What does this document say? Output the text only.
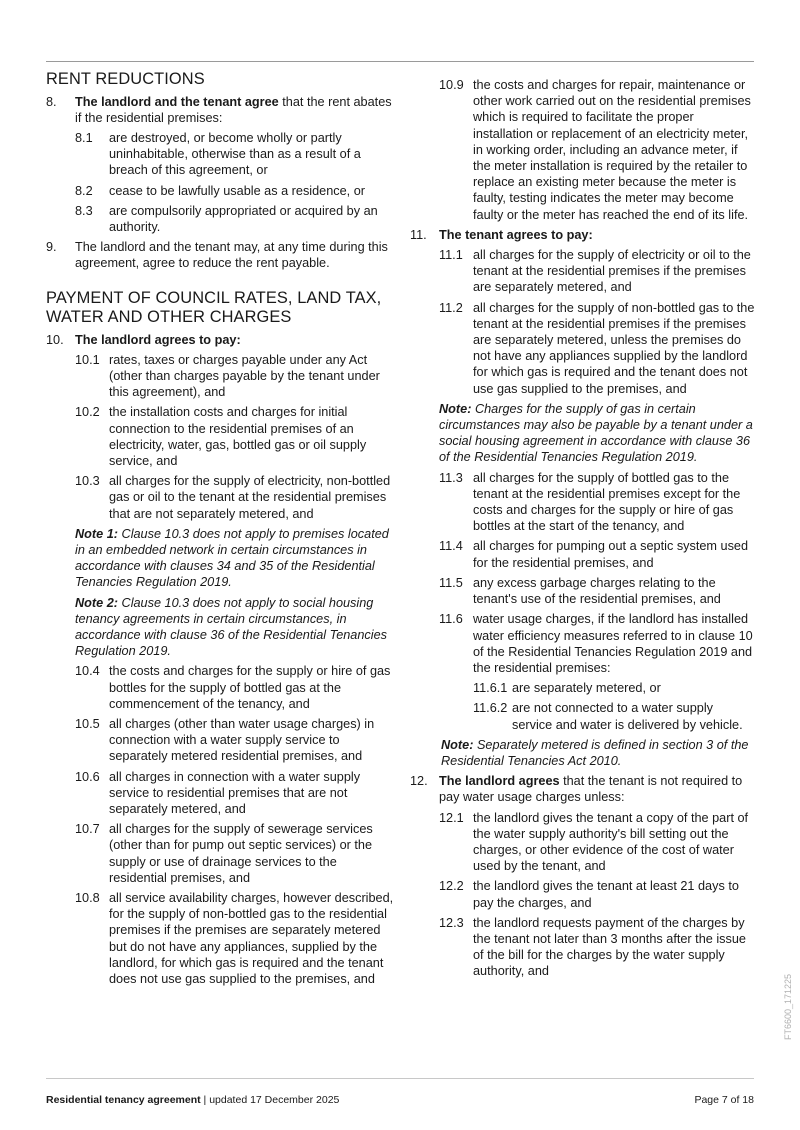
RENT REDUCTIONS
8.	The landlord and the tenant agree that the rent abates if the residential premises:
8.1	are destroyed, or become wholly or partly uninhabitable, otherwise than as a result of a breach of this agreement, or
8.2	cease to be lawfully usable as a residence, or
8.3	are compulsorily appropriated or acquired by an authority.
9.	The landlord and the tenant may, at any time during this agreement, agree to reduce the rent payable.
PAYMENT OF COUNCIL RATES, LAND TAX, WATER AND OTHER CHARGES
10. The landlord agrees to pay:
10.1 rates, taxes or charges payable under any Act (other than charges payable by the tenant under this agreement), and
10.2 the installation costs and charges for initial connection to the residential premises of an electricity, water, gas, bottled gas or oil supply service, and
10.3 all charges for the supply of electricity, non-bottled gas or oil to the tenant at the residential premises that are not separately metered, and
Note 1: Clause 10.3 does not apply to premises located in an embedded network in certain circumstances in accordance with clauses 34 and 35 of the Residential Tenancies Regulation 2019.
Note 2: Clause 10.3 does not apply to social housing tenancy agreements in certain circumstances, in accordance with clause 36 of the Residential Tenancies Regulation 2019.
10.4 the costs and charges for the supply or hire of gas bottles for the supply of bottled gas at the commencement of the tenancy, and
10.5 all charges (other than water usage charges) in connection with a water supply service to separately metered residential premises, and
10.6 all charges in connection with a water supply service to residential premises that are not separately metered, and
10.7 all charges for the supply of sewerage services (other than for pump out septic services) or the supply or use of drainage services to the residential premises, and
10.8 all service availability charges, however described, for the supply of non-bottled gas to the residential premises if the premises are separately metered but do not have any appliances, supplied by the landlord, for which gas is required and the tenant does not use gas supplied to the premises, and
10.9 the costs and charges for repair, maintenance or other work carried out on the residential premises which is required to facilitate the proper installation or replacement of an electricity meter, in working order, including an advance meter, if the meter installation is required by the retailer to replace an existing meter because the meter is faulty, testing indicates the meter may become faulty or the meter has reached the end of its life.
11. The tenant agrees to pay:
11.1 all charges for the supply of electricity or oil to the tenant at the residential premises if the premises are separately metered, and
11.2 all charges for the supply of non-bottled gas to the tenant at the residential premises if the premises are separately metered, unless the premises do not have any appliances supplied by the landlord for which gas is required and the tenant does not use gas supplied to the premises, and
Note: Charges for the supply of gas in certain circumstances may also be payable by a tenant under a social housing agreement in accordance with clause 36 of the Residential Tenancies Regulation 2019.
11.3 all charges for the supply of bottled gas to the tenant at the residential premises except for the costs and charges for the supply or hire of gas bottles at the start of the tenancy, and
11.4 all charges for pumping out a septic system used for the residential premises, and
11.5 any excess garbage charges relating to the tenant's use of the residential premises, and
11.6 water usage charges, if the landlord has installed water efficiency measures referred to in clause 10 of the Residential Tenancies Regulation 2019 and the residential premises:
11.6.1 are separately metered, or
11.6.2 are not connected to a water supply service and water is delivered by vehicle.
Note: Separately metered is defined in section 3 of the Residential Tenancies Act 2010.
12. The landlord agrees that the tenant is not required to pay water usage charges unless:
12.1 the landlord gives the tenant a copy of the part of the water supply authority's bill setting out the charges, or other evidence of the cost of water used by the tenant, and
12.2 the landlord gives the tenant at least 21 days to pay the charges, and
12.3 the landlord requests payment of the charges by the tenant not later than 3 months after the issue of the bill for the charges by the water supply authority, and
FT6600_171225
Residential tenancy agreement | updated 17 December 2025	Page 7 of 18
